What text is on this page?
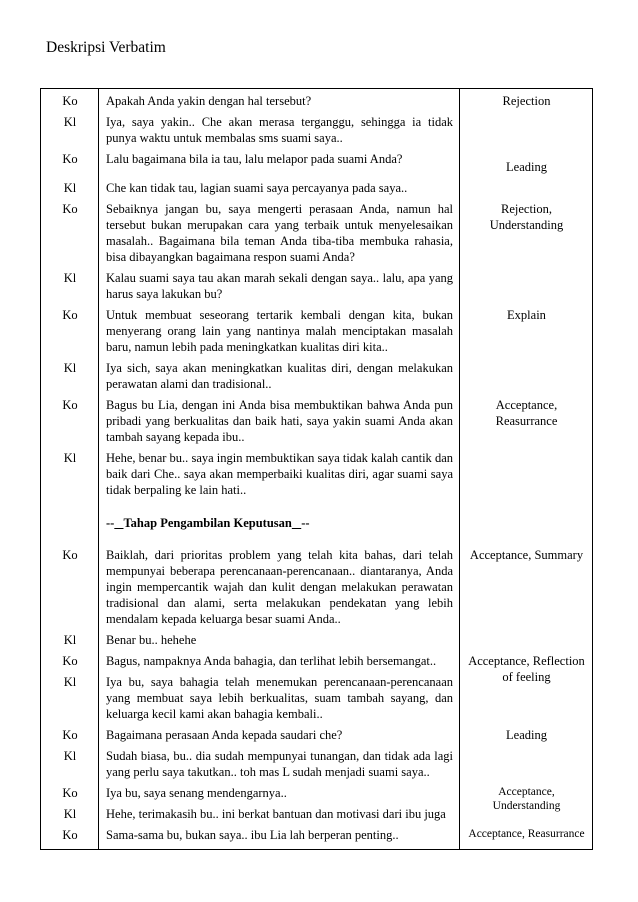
Deskripsi Verbatim
Ko	Apakah Anda yakin dengan hal tersebut?	Rejection
Kl	Iya, saya yakin.. Che akan merasa terganggu, sehingga ia tidak punya waktu untuk membalas sms suami saya..	
Ko	Lalu bagaimana bila ia tau, lalu melapor pada suami Anda?	Leading
Kl	Che kan tidak tau, lagian suami saya percayanya pada saya..	
Ko	Sebaiknya jangan bu, saya mengerti perasaan Anda, namun hal tersebut bukan merupakan cara yang terbaik untuk menyelesaikan masalah.. Bagaimana bila teman Anda tiba-tiba membuka rahasia, bisa dibayangkan bagaimana respon suami Anda?	Rejection, Understanding
Kl	Kalau suami saya tau akan marah sekali dengan saya.. lalu, apa yang harus saya lakukan bu?	
Ko	Untuk membuat seseorang tertarik kembali dengan kita, bukan menyerang orang lain yang nantinya malah menciptakan masalah baru, namun lebih pada meningkatkan kualitas diri kita..	Explain
Kl	Iya sich, saya akan meningkatkan kualitas diri, dengan melakukan perawatan alami dan tradisional..	
Ko	Bagus bu Lia, dengan ini Anda bisa membuktikan bahwa Anda pun pribadi yang berkualitas dan baik hati, saya yakin suami Anda akan tambah sayang kepada ibu..	Acceptance, Reasurrance
Kl	Hehe, benar bu.. saya ingin membuktikan saya tidak kalah cantik dan baik dari Che.. saya akan memperbaiki kualitas diri, agar suami saya tidak berpaling ke lain hati..	
	-- Tahap Pengambilan Keputusan --	
Ko	Baiklah, dari prioritas problem yang telah kita bahas, dari telah mempunyai beberapa perencanaan-perencanaan.. diantaranya, Anda ingin mempercantik wajah dan kulit dengan melakukan perawatan tradisional dan alami, serta melakukan pendekatan yang lebih mendalam kepada keluarga besar suami Anda..	Acceptance, Summary
Kl	Benar bu.. hehehe	
Ko	Bagus, nampaknya Anda bahagia, dan terlihat lebih bersemangat..	Acceptance, Reflection of feeling
Kl	Iya bu, saya bahagia telah menemukan perencanaan-perencanaan yang membuat saya lebih berkualitas, suam tambah sayang, dan keluarga kecil kami akan bahagia kembali..	
Ko	Bagaimana perasaan Anda kepada saudari che?	Leading
Kl	Sudah biasa, bu.. dia sudah mempunyai tunangan, dan tidak ada lagi yang perlu saya takutkan.. toh mas L sudah menjadi suami saya..	
Ko	Iya bu, saya senang mendengarnya..	Acceptance, Understanding
Kl	Hehe, terimakasih bu.. ini berkat bantuan dan motivasi dari ibu juga	
Ko	Sama-sama bu, bukan saya.. ibu Lia lah berperan penting..	Acceptance, Reasurrance
